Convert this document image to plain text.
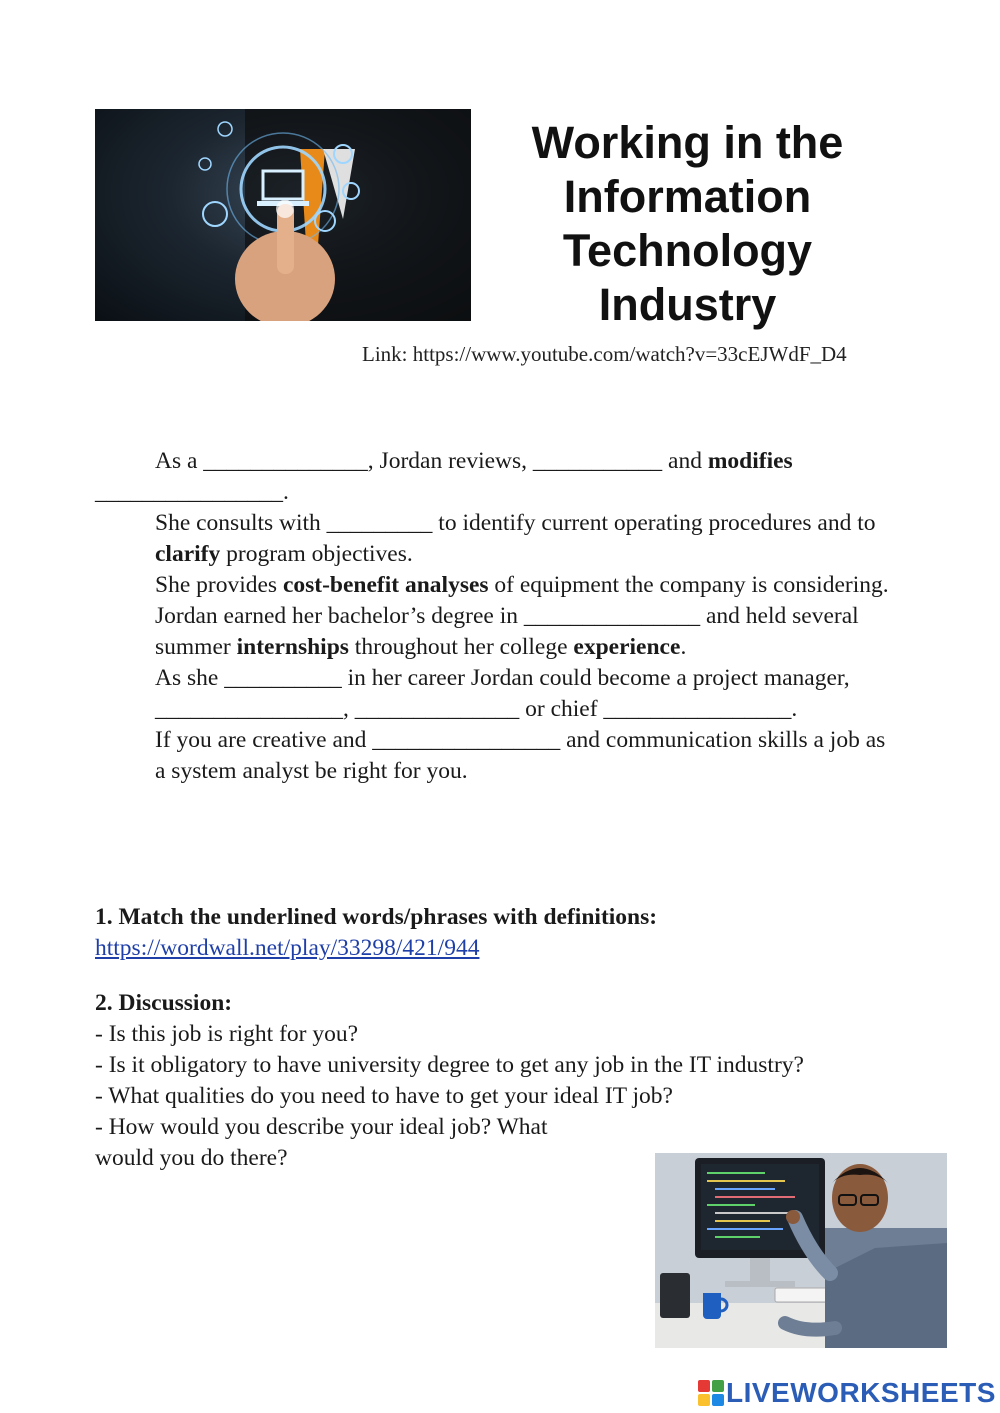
Working in the Information Technology Industry
Link: https://www.youtube.com/watch?v=33cEJWdF_D4

As a ______________, Jordan reviews, ___________ and modifies
________________.

She consults with _________ to identify current operating procedures and to clarify program objectives.

She provides cost-benefit analyses of equipment the company is considering.

Jordan earned her bachelor’s degree in _______________ and held several summer internships throughout her college experience.

As she __________ in her career Jordan could become a project manager, ________________, ______________ or chief ________________.

If you are creative and ________________ and communication skills a job as a system analyst be right for you.

1. Match the underlined words/phrases with definitions:

https://wordwall.net/play/33298/421/944

2. Discussion:

- Is this job is right for you?

- Is it obligatory to have university degree to get any job in the IT industry?

- What qualities do you need to have to get your ideal IT job?

- How would you describe your ideal job? What

would you do there?

LIVEWORKSHEETS
